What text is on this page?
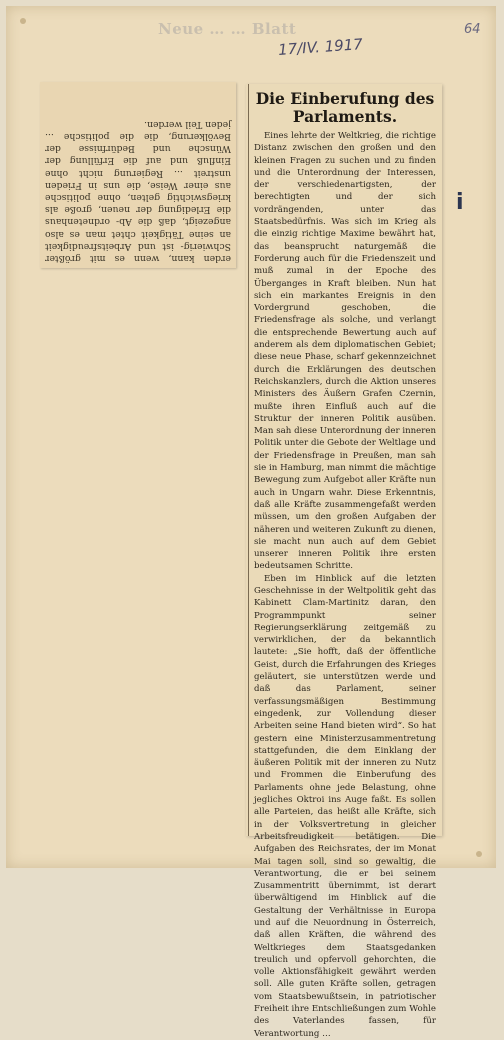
Neue … … Blatt
17/IV. 1917
64

erden kann, wenn es mit größter Schwierig- ist und Arbeitsfreudigkeit an seine Tätigkeit chtet man es also angezeigt, daß die Ab- ordnetenhaus die Erledigung der neuen, große als kriegswichtig gelten, ohne politische aus einer Weise, die uns in Frieden unstreit ... Regierung nicht ohne Einfluß und auf die Erfüllung der Wünsche und Bedürfnisse der Bevölkerung, die die politische ... jeden Teil werden.

Die Einberufung des Parlaments.

Eines lehrte der Weltkrieg, die richtige Distanz zwischen den großen und den kleinen Fragen zu suchen und zu finden und die Unterordnung der Interessen, der verschiedenartigsten, der berechtigten und der sich vordrängenden, unter das Staatsbedürfnis. Was sich im Krieg als die einzig richtige Maxime bewährt hat, das beansprucht naturgemäß die Forderung auch für die Friedenszeit und muß zumal in der Epoche des Überganges in Kraft bleiben. Nun hat sich ein markantes Ereignis in den Vordergrund geschoben, die Friedensfrage als solche, und verlangt die entsprechende Bewertung auch auf anderem als dem diplomatischen Gebiet; diese neue Phase, scharf gekennzeichnet durch die Erklärungen des deutschen Reichskanzlers, durch die Aktion unseres Ministers des Äußern Grafen Czernin, mußte ihren Einfluß auch auf die Struktur der inneren Politik ausüben. Man sah diese Unterordnung der inneren Politik unter die Gebote der Weltlage und der Friedensfrage in Preußen, man sah sie in Hamburg, man nimmt die mächtige Bewegung zum Aufgebot aller Kräfte nun auch in Ungarn wahr. Diese Erkenntnis, daß alle Kräfte zusammengefaßt werden müssen, um den großen Aufgaben der näheren und weiteren Zukunft zu dienen, sie macht nun auch auf dem Gebiet unserer inneren Politik ihre ersten bedeutsamen Schritte.

Eben im Hinblick auf die letzten Geschehnisse in der Weltpolitik geht das Kabinett Clam-Martinitz daran, den Programmpunkt seiner Regierungserklärung zeitgemäß zu verwirklichen, der da bekanntlich lautete: „Sie hofft, daß der öffentliche Geist, durch die Erfahrungen des Krieges geläutert, sie unterstützen werde und daß das Parlament, seiner verfassungsmäßigen Bestimmung eingedenk, zur Vollendung dieser Arbeiten seine Hand bieten wird“. So hat gestern eine Ministerzusammentretung stattgefunden, die dem Einklang der äußeren Politik mit der inneren zu Nutz und Frommen die Einberufung des Parlaments ohne jede Belastung, ohne jegliches Oktroi ins Auge faßt. Es sollen alle Parteien, das heißt alle Kräfte, sich in der Volksvertretung in gleicher Arbeitsfreudigkeit betätigen. Die Aufgaben des Reichsrates, der im Monat Mai tagen soll, sind so gewaltig, die Verantwortung, die er bei seinem Zusammentritt übernimmt, ist derart überwältigend im Hinblick auf die Gestaltung der Verhältnisse in Europa und auf die Neuordnung in Österreich, daß allen Kräften, die während des Weltkrieges dem Staatsgedanken treulich und opfervoll gehorchten, die volle Aktionsfähigkeit gewährt werden soll. Alle guten Kräfte sollen, getragen vom Staatsbewußtsein, in patriotischer Freiheit ihre Entschließungen zum Wohle des Vaterlandes fassen, für Verantwortung …

i
